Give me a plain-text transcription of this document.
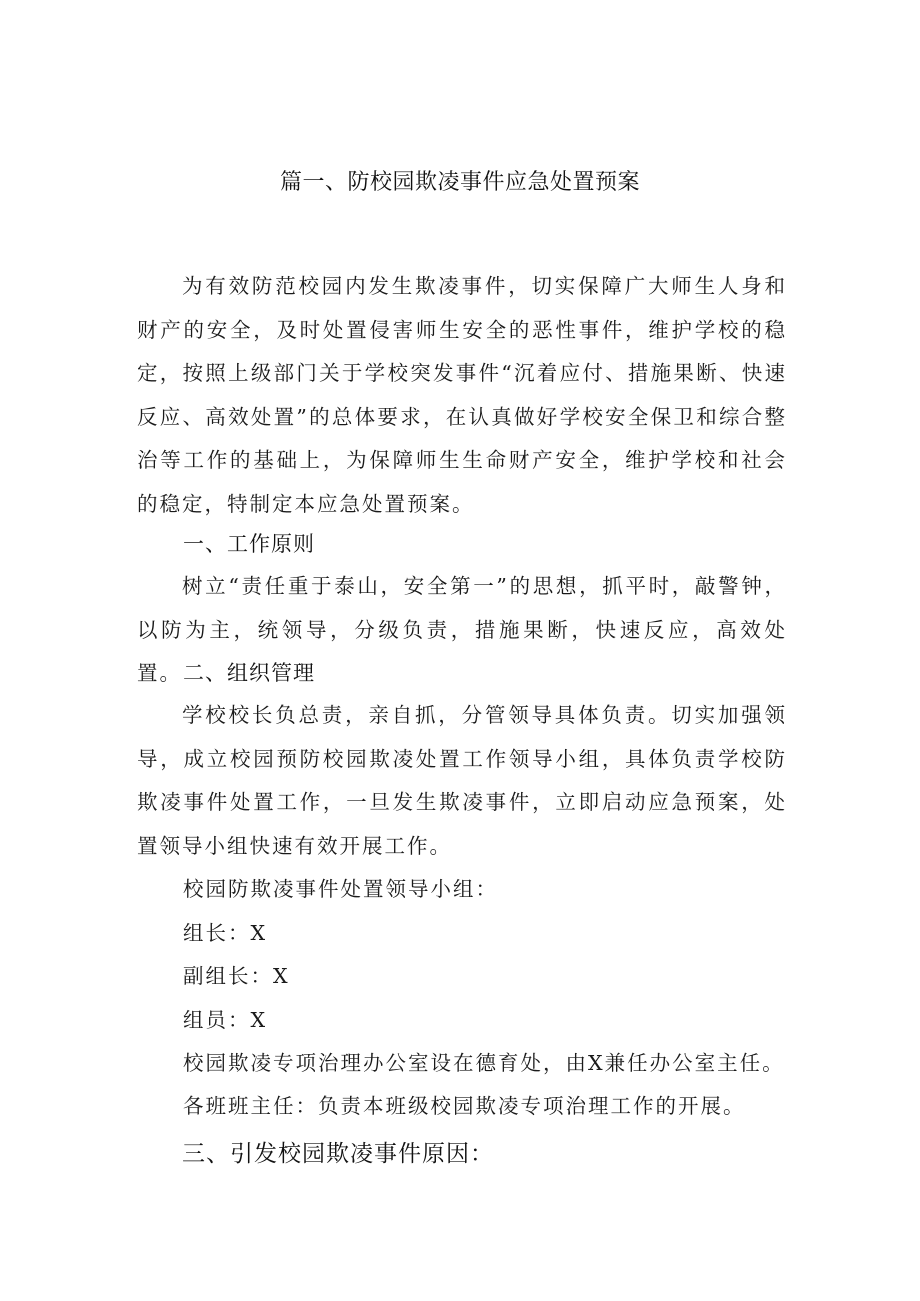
篇一、防校园欺凌事件应急处置预案

为有效防范校园内发生欺凌事件，切实保障广大师生人身和财产的安全，及时处置侵害师生安全的恶性事件，维护学校的稳定，按照上级部门关于学校突发事件“沉着应付、措施果断、快速反应、高效处置”的总体要求，在认真做好学校安全保卫和综合整治等工作的基础上，为保障师生生命财产安全，维护学校和社会的稳定，特制定本应急处置预案。

一、工作原则

树立“责任重于泰山，安全第一”的思想，抓平时，敲警钟，以防为主，统领导，分级负责，措施果断，快速反应，高效处置。 二、组织管理

学校校长负总责，亲自抓，分管领导具体负责。切实加强领导，成立校园预防校园欺凌处置工作领导小组，具体负责学校防欺凌事件处置工作，一旦发生欺凌事件，立即启动应急预案，处置领导小组快速有效开展工作。

校园防欺凌事件处置领导小组：
组长：X
副组长：X
组员：X
校园欺凌专项治理办公室设在德育处，由X兼任办公室主任。
各班班主任：负责本班级校园欺凌专项治理工作的开展。
三、引发校园欺凌事件原因：
